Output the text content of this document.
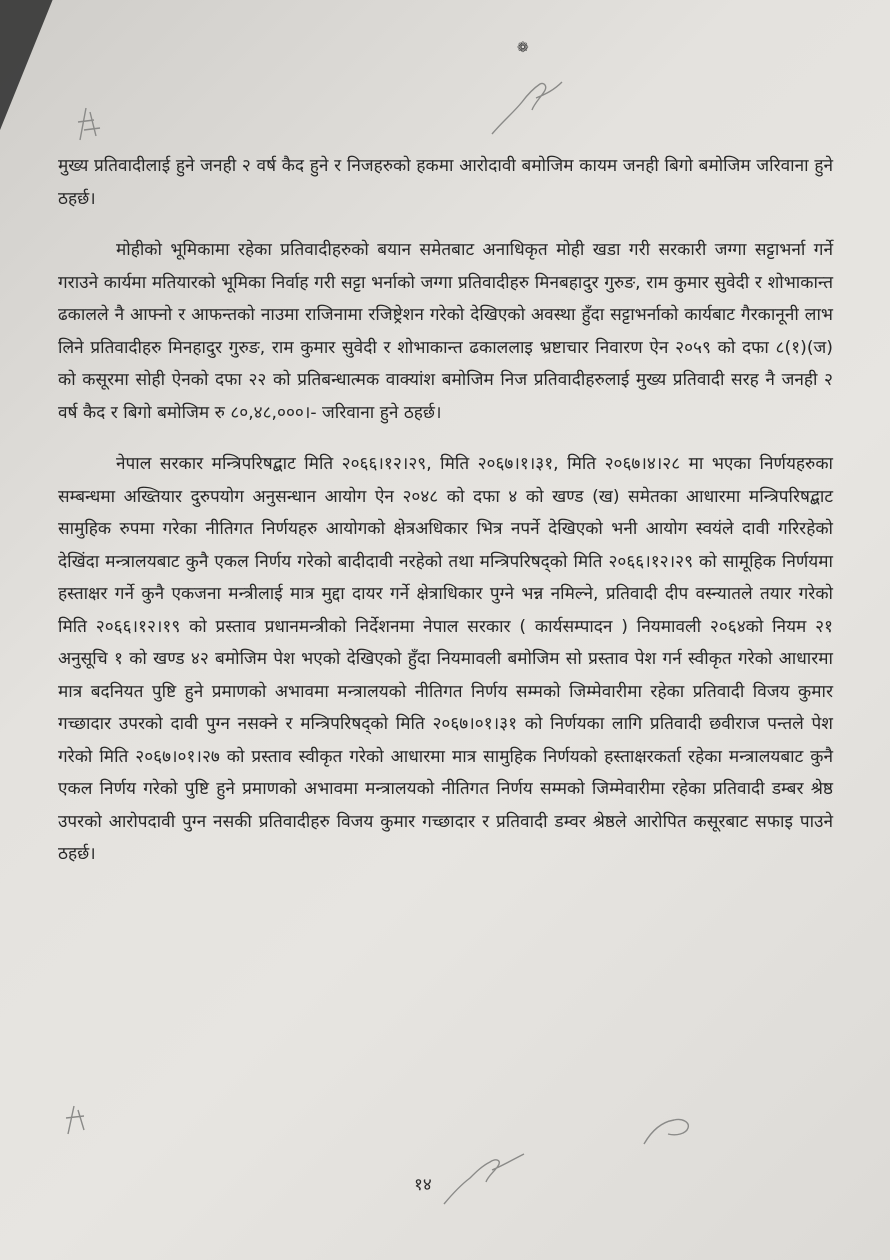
❁

मुख्य प्रतिवादीलाई हुने जनही २ वर्ष कैद हुने र निजहरुको हकमा आरोदावी बमोजिम कायम जनही बिगो बमोजिम जरिवाना हुने ठहर्छ।

मोहीको भूमिकामा रहेका प्रतिवादीहरुको बयान समेतबाट अनाधिकृत मोही खडा गरी सरकारी जग्गा सट्टाभर्ना गर्ने गराउने कार्यमा मतियारको भूमिका निर्वाह गरी सट्टा भर्नाको जग्गा प्रतिवादीहरु मिनबहादुर गुरुङ, राम कुमार सुवेदी र शोभाकान्त ढकालले नै आफ्नो र आफन्तको नाउमा राजिनामा रजिष्ट्रेशन गरेको देखिएको अवस्था हुँदा सट्टाभर्नाको कार्यबाट गैरकानूनी लाभ लिने प्रतिवादीहरु मिनहादुर गुरुङ, राम कुमार सुवेदी र शोभाकान्त ढकाललाइ भ्रष्टाचार निवारण ऐन २०५९ को दफा ८(१)(ज) को कसूरमा सोही ऐनको दफा २२ को प्रतिबन्धात्मक वाक्यांश बमोजिम निज प्रतिवादीहरुलाई मुख्य प्रतिवादी सरह नै जनही २ वर्ष कैद र बिगो बमोजिम रु ८०,४८,०००।- जरिवाना हुने ठहर्छ।

नेपाल सरकार मन्त्रिपरिषद्बाट मिति २०६६।१२।२९, मिति २०६७।१।३१, मिति २०६७।४।२८ मा भएका निर्णयहरुका सम्बन्धमा अख्तियार दुरुपयोग अनुसन्धान आयोग ऐन २०४८ को दफा ४ को खण्ड (ख) समेतका आधारमा मन्त्रिपरिषद्बाट सामुहिक रुपमा गरेका नीतिगत निर्णयहरु आयोगको क्षेत्रअधिकार भित्र नपर्ने देखिएको भनी आयोग स्वयंले दावी गरिरहेको देखिंदा मन्त्रालयबाट कुनै एकल निर्णय गरेको बादीदावी नरहेको तथा मन्त्रिपरिषद्को मिति २०६६।१२।२९ को सामूहिक निर्णयमा हस्ताक्षर गर्ने कुनै एकजना मन्त्रीलाई मात्र मुद्दा दायर गर्ने क्षेत्राधिकार पुग्ने भन्न नमिल्ने, प्रतिवादी दीप वस्न्यातले तयार गरेको मिति २०६६।१२।१९ को प्रस्ताव प्रधानमन्त्रीको निर्देशनमा नेपाल सरकार ( कार्यसम्पादन ) नियमावली २०६४को नियम २१ अनुसूचि १ को खण्ड ४२ बमोजिम पेश भएको देखिएको हुँदा नियमावली बमोजिम सो प्रस्ताव पेश गर्न स्वीकृत गरेको आधारमा मात्र बदनियत पुष्टि हुने प्रमाणको अभावमा मन्त्रालयको नीतिगत निर्णय सम्मको जिम्मेवारीमा रहेका प्रतिवादी विजय कुमार गच्छादार उपरको दावी पुग्न नसक्ने र मन्त्रिपरिषद्को मिति २०६७।०१।३१ को निर्णयका लागि प्रतिवादी छवीराज पन्तले पेश गरेको मिति २०६७।०१।२७ को प्रस्ताव स्वीकृत गरेको आधारमा मात्र सामुहिक निर्णयको हस्ताक्षरकर्ता रहेका मन्त्रालयबाट कुनै एकल निर्णय गरेको पुष्टि हुने प्रमाणको अभावमा मन्त्रालयको नीतिगत निर्णय सम्मको जिम्मेवारीमा रहेका प्रतिवादी डम्बर श्रेष्ठ उपरको आरोपदावी पुग्न नसकी प्रतिवादीहरु विजय कुमार गच्छादार र प्रतिवादी डम्वर श्रेष्ठले आरोपित कसूरबाट सफाइ पाउने ठहर्छ।

१४
